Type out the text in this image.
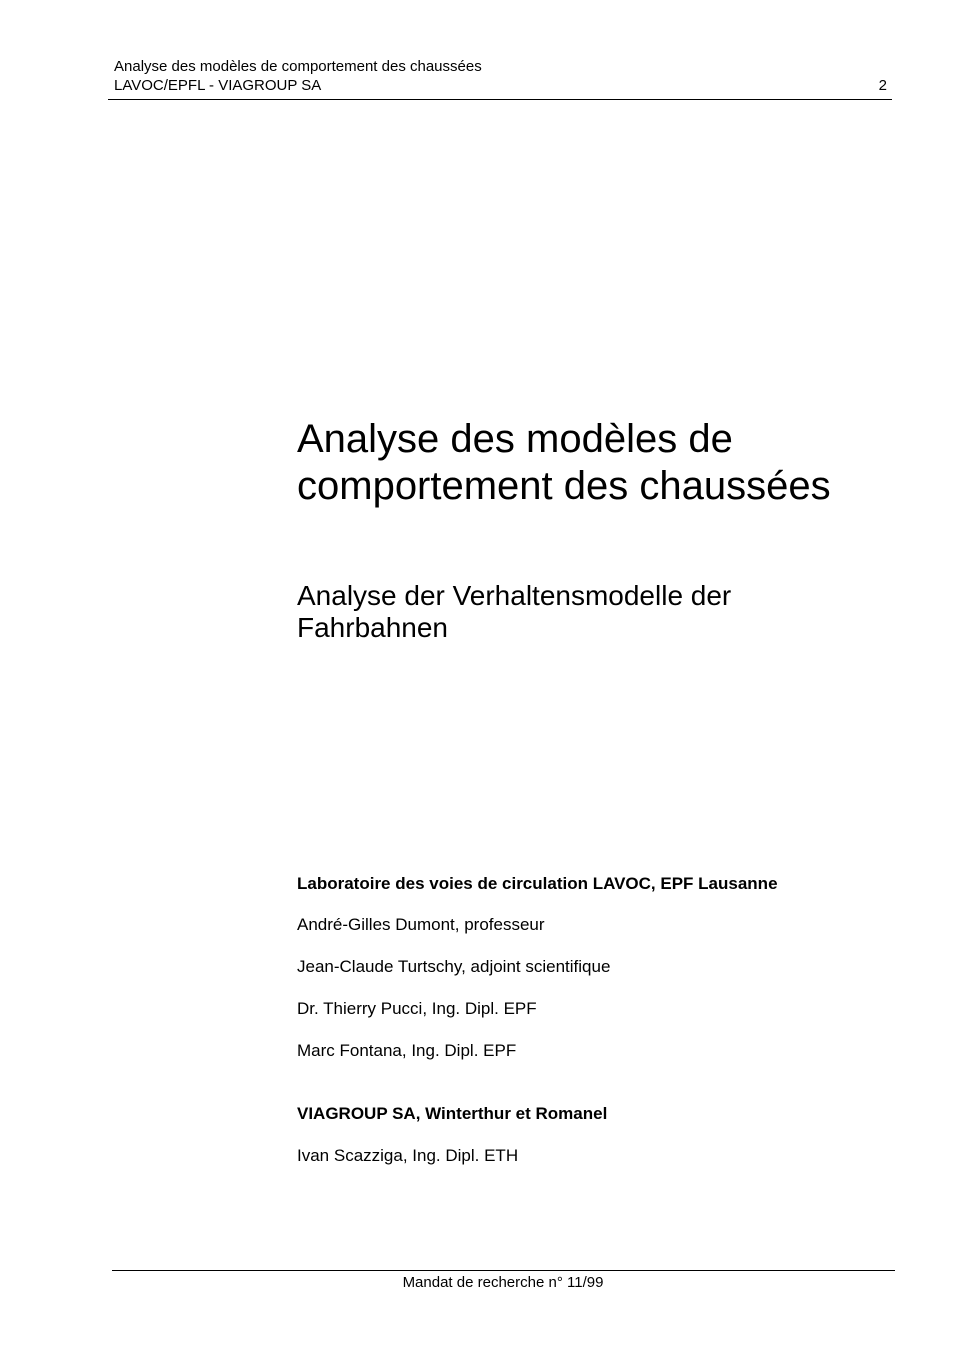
Analyse des modèles de comportement des chaussées
LAVOC/EPFL - VIAGROUP SA	2
Analyse des modèles de
comportement des chaussées
Analyse der Verhaltensmodelle der
Fahrbahnen

Laboratoire des voies de circulation LAVOC, EPF Lausanne

André-Gilles Dumont, professeur

Jean-Claude Turtschy, adjoint scientifique

Dr. Thierry Pucci, Ing. Dipl. EPF

Marc Fontana, Ing. Dipl. EPF

VIAGROUP SA, Winterthur et Romanel

Ivan Scazziga, Ing. Dipl. ETH

Mandat de recherche n° 11/99
